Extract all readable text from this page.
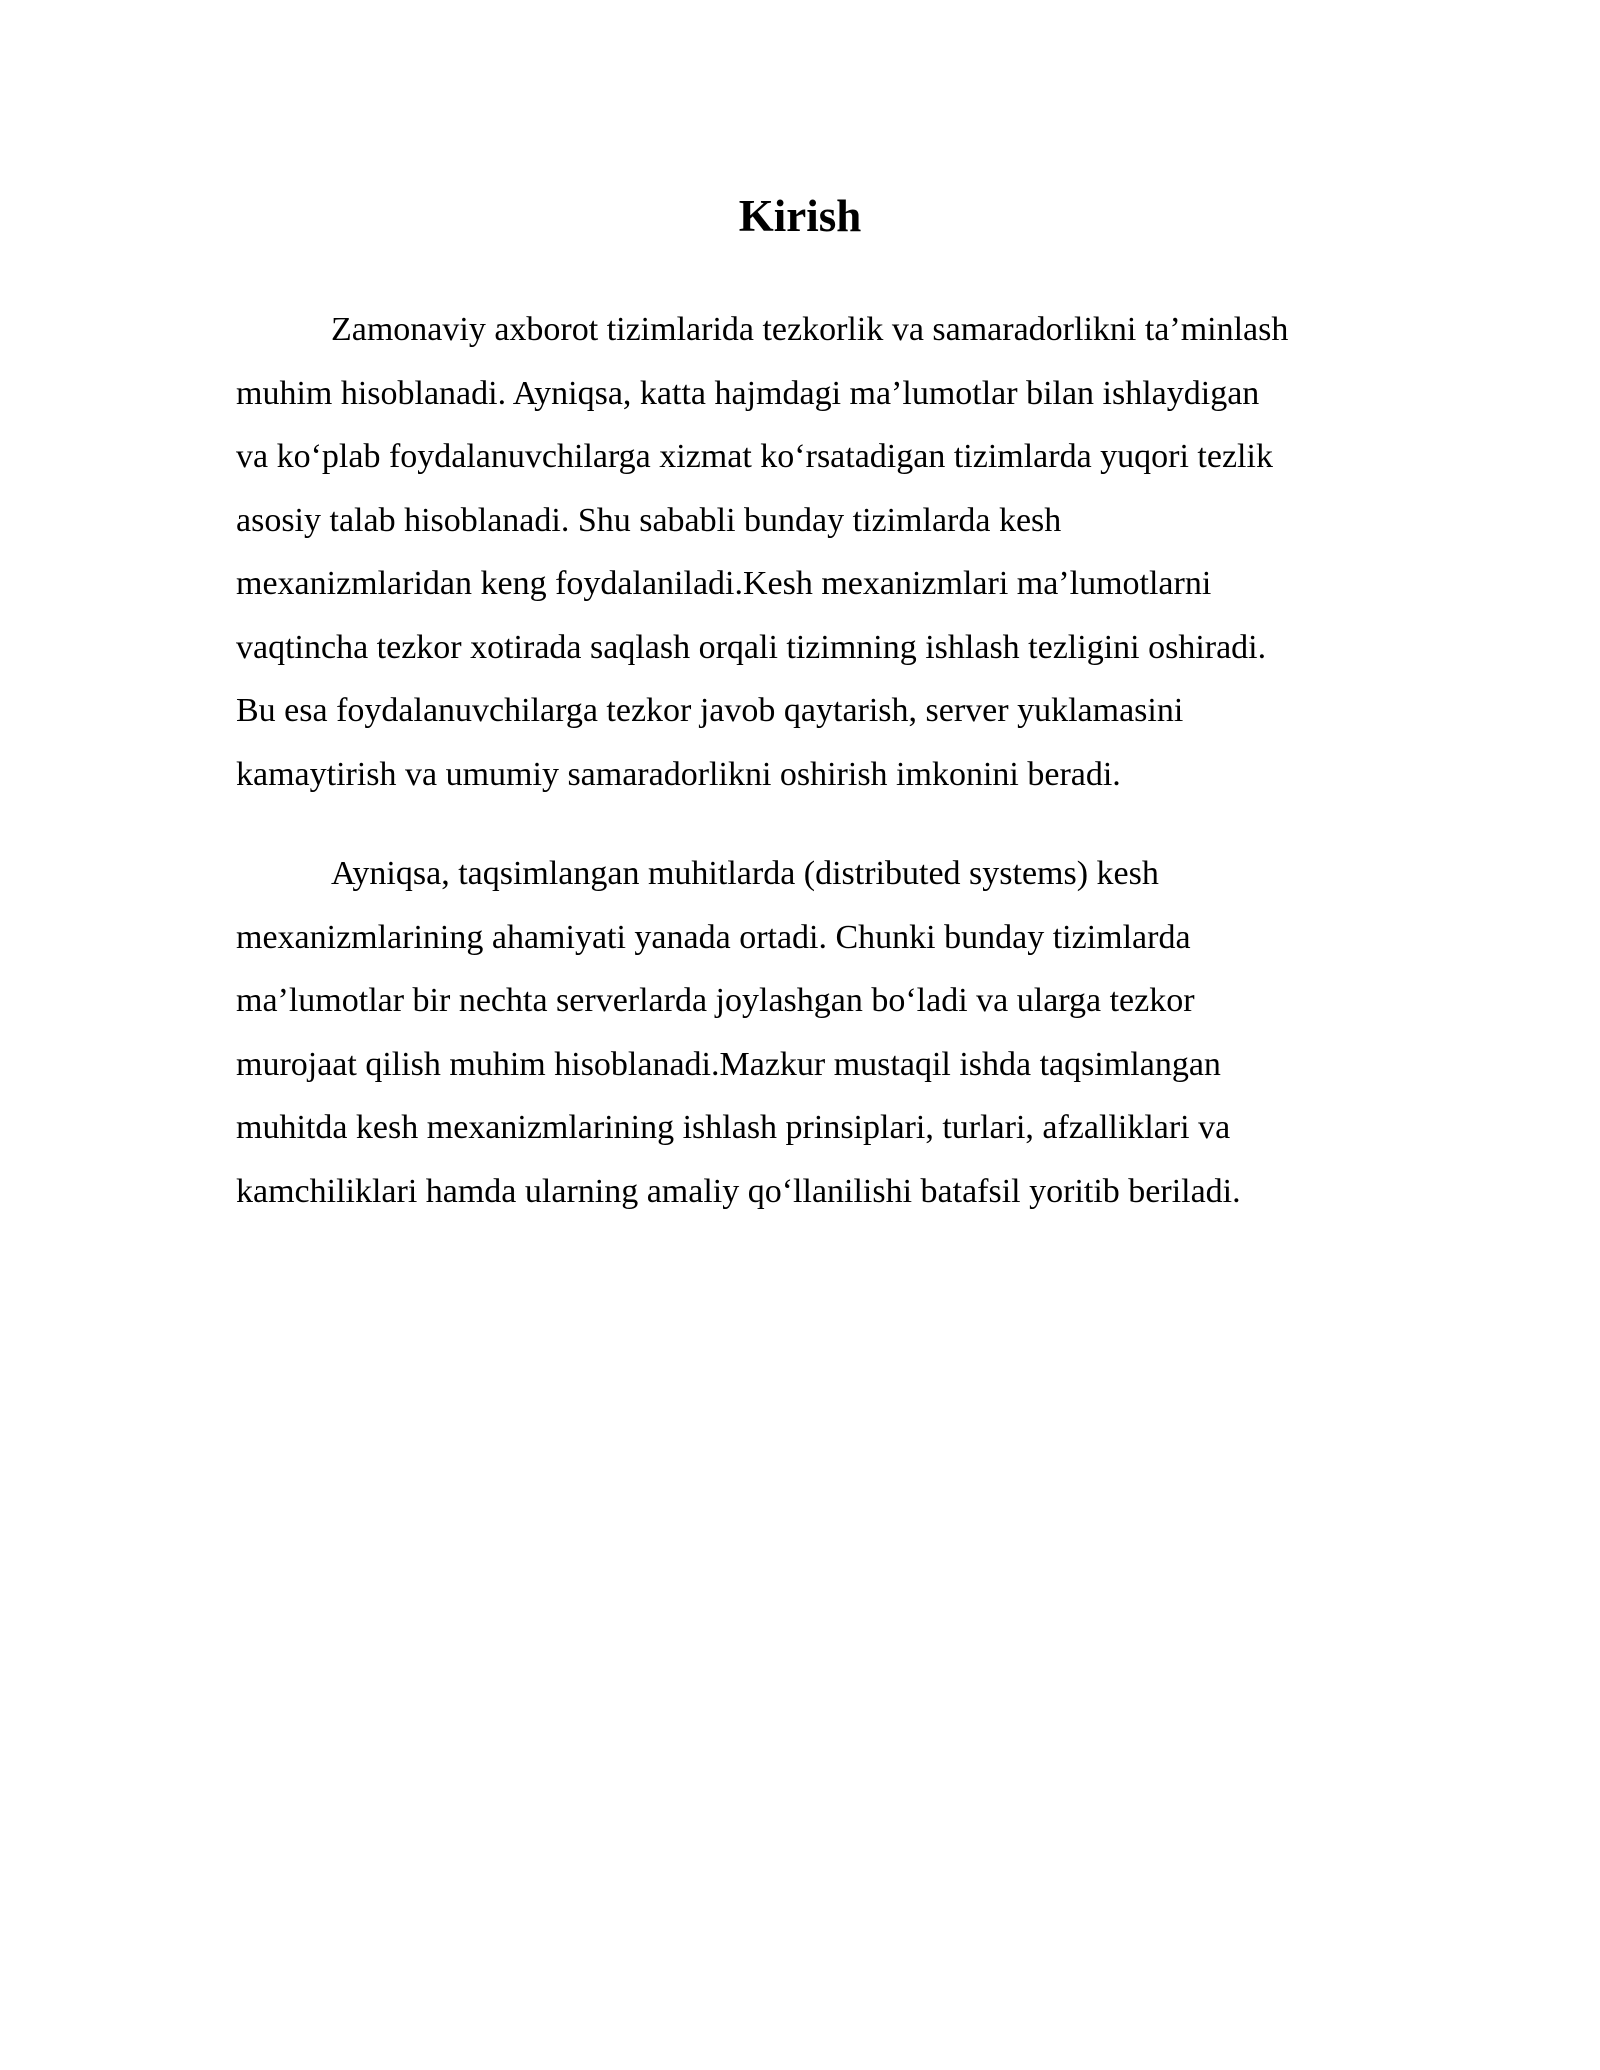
Kirish

Zamonaviy axborot tizimlarida tezkorlik va samaradorlikni ta’minlash
muhim hisoblanadi. Ayniqsa, katta hajmdagi ma’lumotlar bilan ishlaydigan
va ko‘plab foydalanuvchilarga xizmat ko‘rsatadigan tizimlarda yuqori tezlik
asosiy talab hisoblanadi. Shu sababli bunday tizimlarda kesh
mexanizmlaridan keng foydalaniladi.Kesh mexanizmlari ma’lumotlarni
vaqtincha tezkor xotirada saqlash orqali tizimning ishlash tezligini oshiradi.
Bu esa foydalanuvchilarga tezkor javob qaytarish, server yuklamasini
kamaytirish va umumiy samaradorlikni oshirish imkonini beradi.

Ayniqsa, taqsimlangan muhitlarda (distributed systems) kesh
mexanizmlarining ahamiyati yanada ortadi. Chunki bunday tizimlarda
ma’lumotlar bir nechta serverlarda joylashgan bo‘ladi va ularga tezkor
murojaat qilish muhim hisoblanadi.Mazkur mustaqil ishda taqsimlangan
muhitda kesh mexanizmlarining ishlash prinsiplari, turlari, afzalliklari va
kamchiliklari hamda ularning amaliy qo‘llanilishi batafsil yoritib beriladi.
